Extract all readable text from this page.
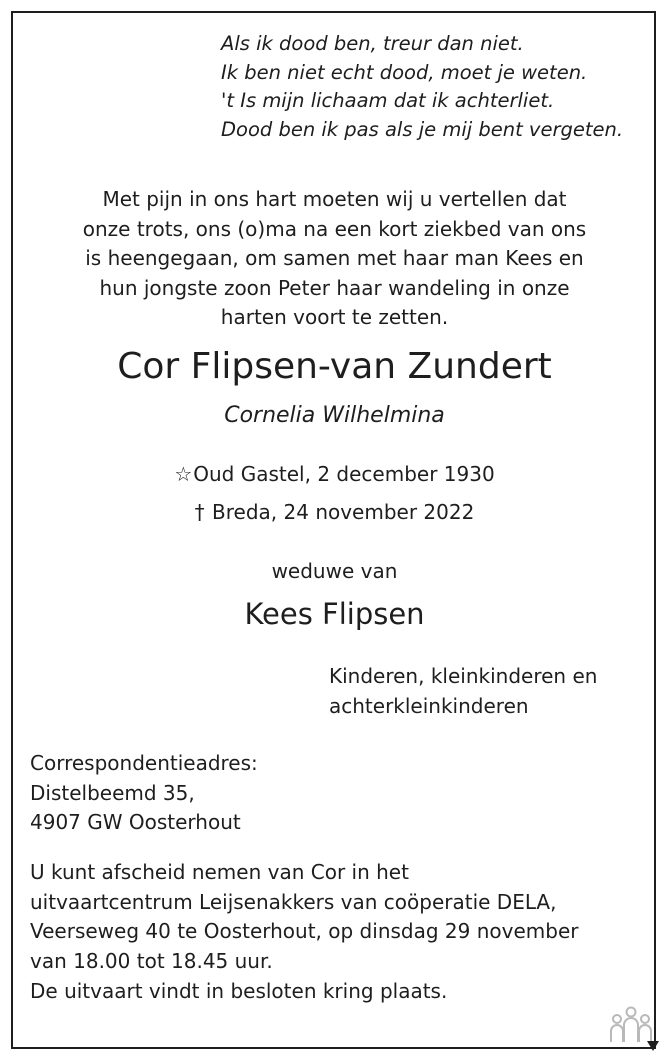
Als ik dood ben, treur dan niet.
Ik ben niet echt dood, moet je weten.
't Is mijn lichaam dat ik achterliet.
Dood ben ik pas als je mij bent vergeten.
Met pijn in ons hart moeten wij u vertellen dat
onze trots, ons (o)ma na een kort ziekbed van ons
is heengegaan, om samen met haar man Kees en
hun jongste zoon Peter haar wandeling in onze
harten voort te zetten.
Cor Flipsen-van Zundert
Cornelia Wilhelmina
☆Oud Gastel, 2 december 1930
† Breda, 24 november 2022
weduwe van
Kees Flipsen
Kinderen, kleinkinderen en
achterkleinkinderen
Correspondentieadres:
Distelbeemd 35,
4907 GW Oosterhout
U kunt afscheid nemen van Cor in het
uitvaartcentrum Leijsenakkers van coöperatie DELA,
Veerseweg 40 te Oosterhout, op dinsdag 29 november
van 18.00 tot 18.45 uur.
De uitvaart vindt in besloten kring plaats.
